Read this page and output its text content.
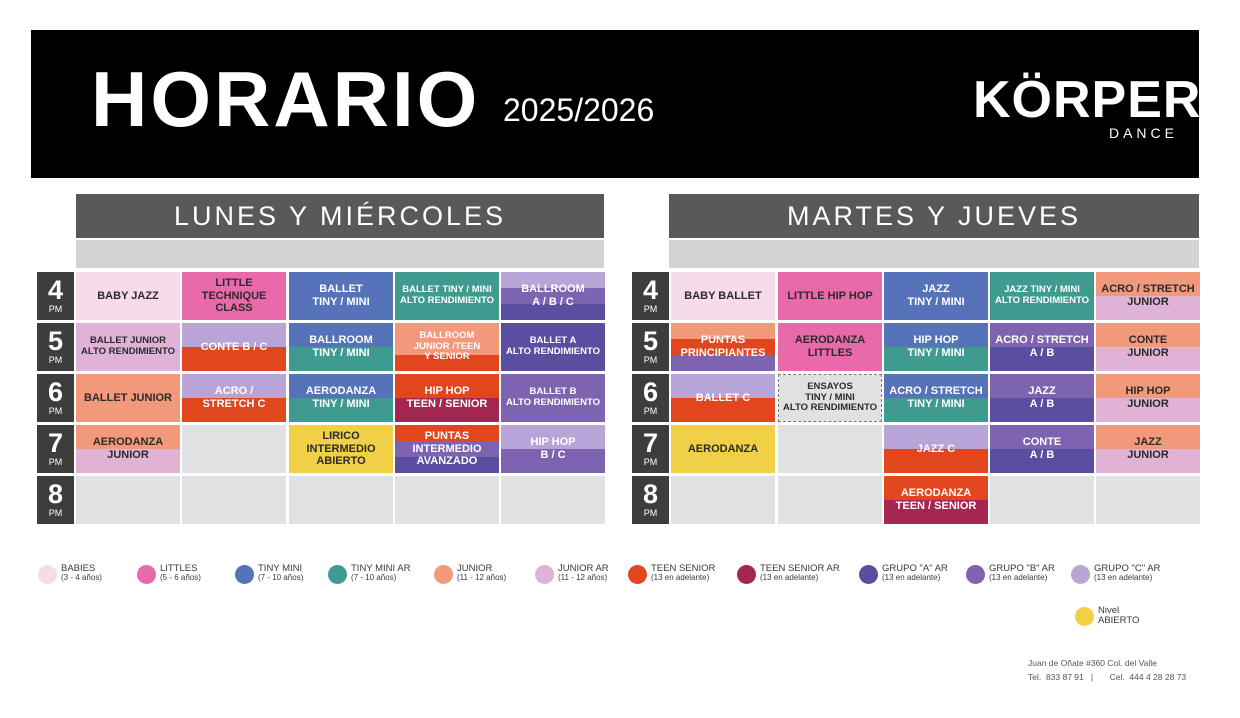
HORARIO 2025/2026	KÖRPER
DANCE
LUNES Y MIÉRCOLES
4
PM
5
PM
6
PM
7
PM
8
PM
BABY JAZZ
LITTLE
TECHNIQUE CLASS
BALLET
TINY / MINI
BALLET TINY / MINI
ALTO RENDIMIENTO
BALLROOM
A / B / C
BALLET JUNIOR
ALTO RENDIMIENTO CONTE B / C
BALLROOM
TINY / MINI
BALLROOM
JUNIOR /TEEN
Y SENIOR
BALLET A
ALTO RENDIMIENTO
BALLET JUNIOR
ACRO /
STRETCH C
AERODANZA
TINY / MINI
HIP HOP
TEEN / SENIOR
BALLET B
ALTO RENDIMIENTO
AERODANZA
JUNIOR
LIRICO
INTERMEDIO
ABIERTO
PUNTAS
INTERMEDIO
AVANZADO
HIP HOP
B / C
MARTES Y JUEVES
4
PM
5
PM
6
PM
7
PM
8
PM
BABY BALLET LITTLE HIP HOP
JAZZ
TINY / MINI
JAZZ TINY / MINI
ALTO RENDIMIENTO
ACRO / STRETCH
JUNIOR
PUNTAS
PRINCIPIANTES
AERODANZA
LITTLES
HIP HOP
TINY / MINI
ACRO / STRETCH
A / B
CONTE
JUNIOR
BALLET C
ENSAYOS
TINY / MINI
ALTO RENDIMIENTO
ACRO / STRETCH
TINY / MINI
JAZZ
A / B
HIP HOP
JUNIOR
AERODANZA	JAZZ C
CONTE
A / B
JAZZ
JUNIOR
AERODANZA
TEEN / SENIOR
BABIES
(3 - 4 años)
LITTLES
(5 - 6 años)
TINY MINI
(7 - 10 años)
TINY MINI AR
(7 - 10 años)
JUNIOR
(11 - 12 años)
JUNIOR AR
(11 - 12 años)
TEEN SENIOR
(13 en adelante)
TEEN SENIOR AR
(13 en adelante)
GRUPO "A" AR
(13 en adelante)
GRUPO "B" AR
(13 en adelante)
GRUPO "C" AR
(13 en adelante)
Nivel
ABIERTO
Juan de Oñate #360 Col. del Valle
Tel.  833 87 91   |       Cel.  444 4 28 28 73
